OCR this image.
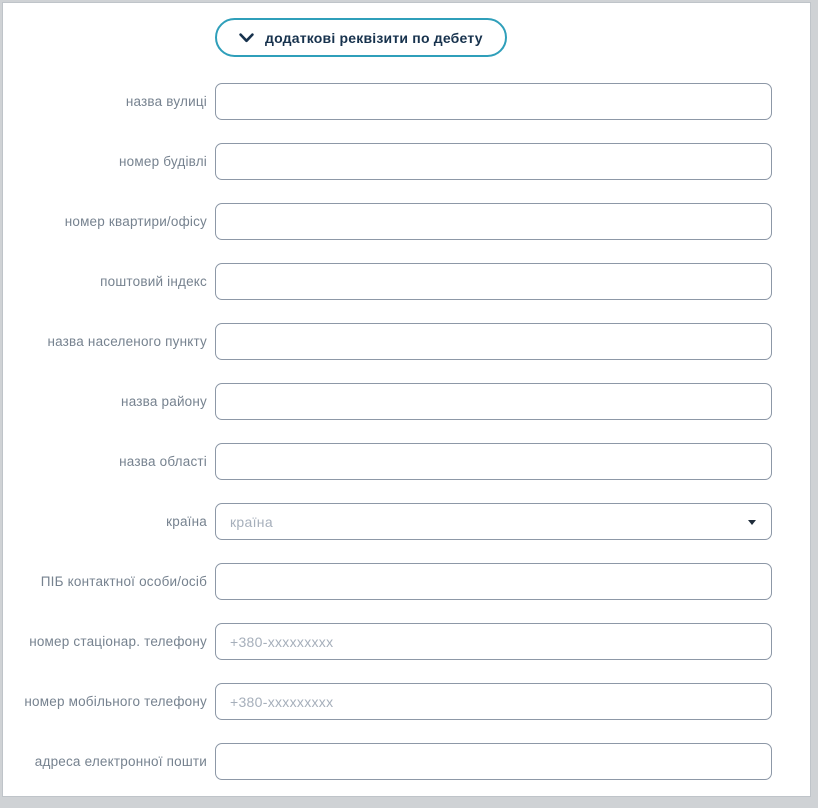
додаткові реквізити по дебету
назва вулиці
номер будівлі
номер квартири/офісу
поштовий індекс
назва населеного пункту
назва району
назва області
країна
країна
ПІБ контактної особи/осіб
номер стаціонар. телефону
+380-xxxxxxxxx
номер мобільного телефону
+380-xxxxxxxxx
адреса електронної пошти
